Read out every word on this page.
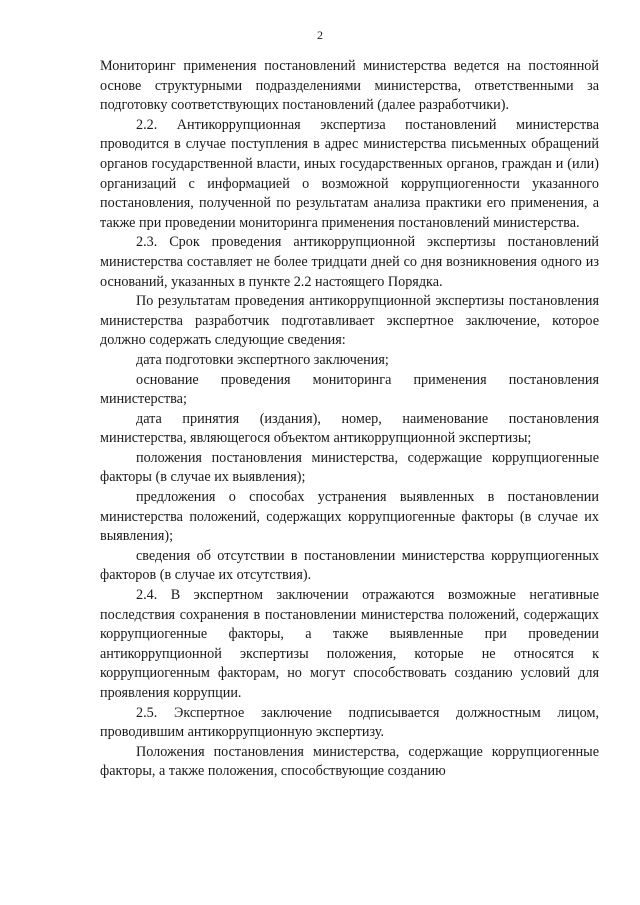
2

Мониторинг применения постановлений министерства ведется на постоянной основе структурными подразделениями министерства, ответственными за подготовку соответствующих постановлений (далее разработчики).

2.2. Антикоррупционная экспертиза постановлений министерства проводится в случае поступления в адрес министерства письменных обращений органов государственной власти, иных государственных органов, граждан и (или) организаций с информацией о возможной коррупциогенности указанного постановления, полученной по результатам анализа практики его применения, а также при проведении мониторинга применения постановлений министерства.

2.3. Срок проведения антикоррупционной экспертизы постановлений министерства составляет не более тридцати дней со дня возникновения одного из оснований, указанных в пункте 2.2 настоящего Порядка.

По результатам проведения антикоррупционной экспертизы постановления министерства разработчик подготавливает экспертное заключение, которое должно содержать следующие сведения:

дата подготовки экспертного заключения;

основание проведения мониторинга применения постановления министерства;

дата принятия (издания), номер, наименование постановления министерства, являющегося объектом антикоррупционной экспертизы;

положения постановления министерства, содержащие коррупциогенные факторы (в случае их выявления);

предложения о способах устранения выявленных в постановлении министерства положений, содержащих коррупциогенные факторы (в случае их выявления);

сведения об отсутствии в постановлении министерства коррупциогенных факторов (в случае их отсутствия).

2.4. В экспертном заключении отражаются возможные негативные последствия сохранения в постановлении министерства положений, содержащих коррупциогенные факторы, а также выявленные при проведении антикоррупционной экспертизы положения, которые не относятся к коррупциогенным факторам, но могут способствовать созданию условий для проявления коррупции.

2.5. Экспертное заключение подписывается должностным лицом, проводившим антикоррупционную экспертизу.

Положения постановления министерства, содержащие коррупциогенные факторы, а также положения, способствующие созданию
